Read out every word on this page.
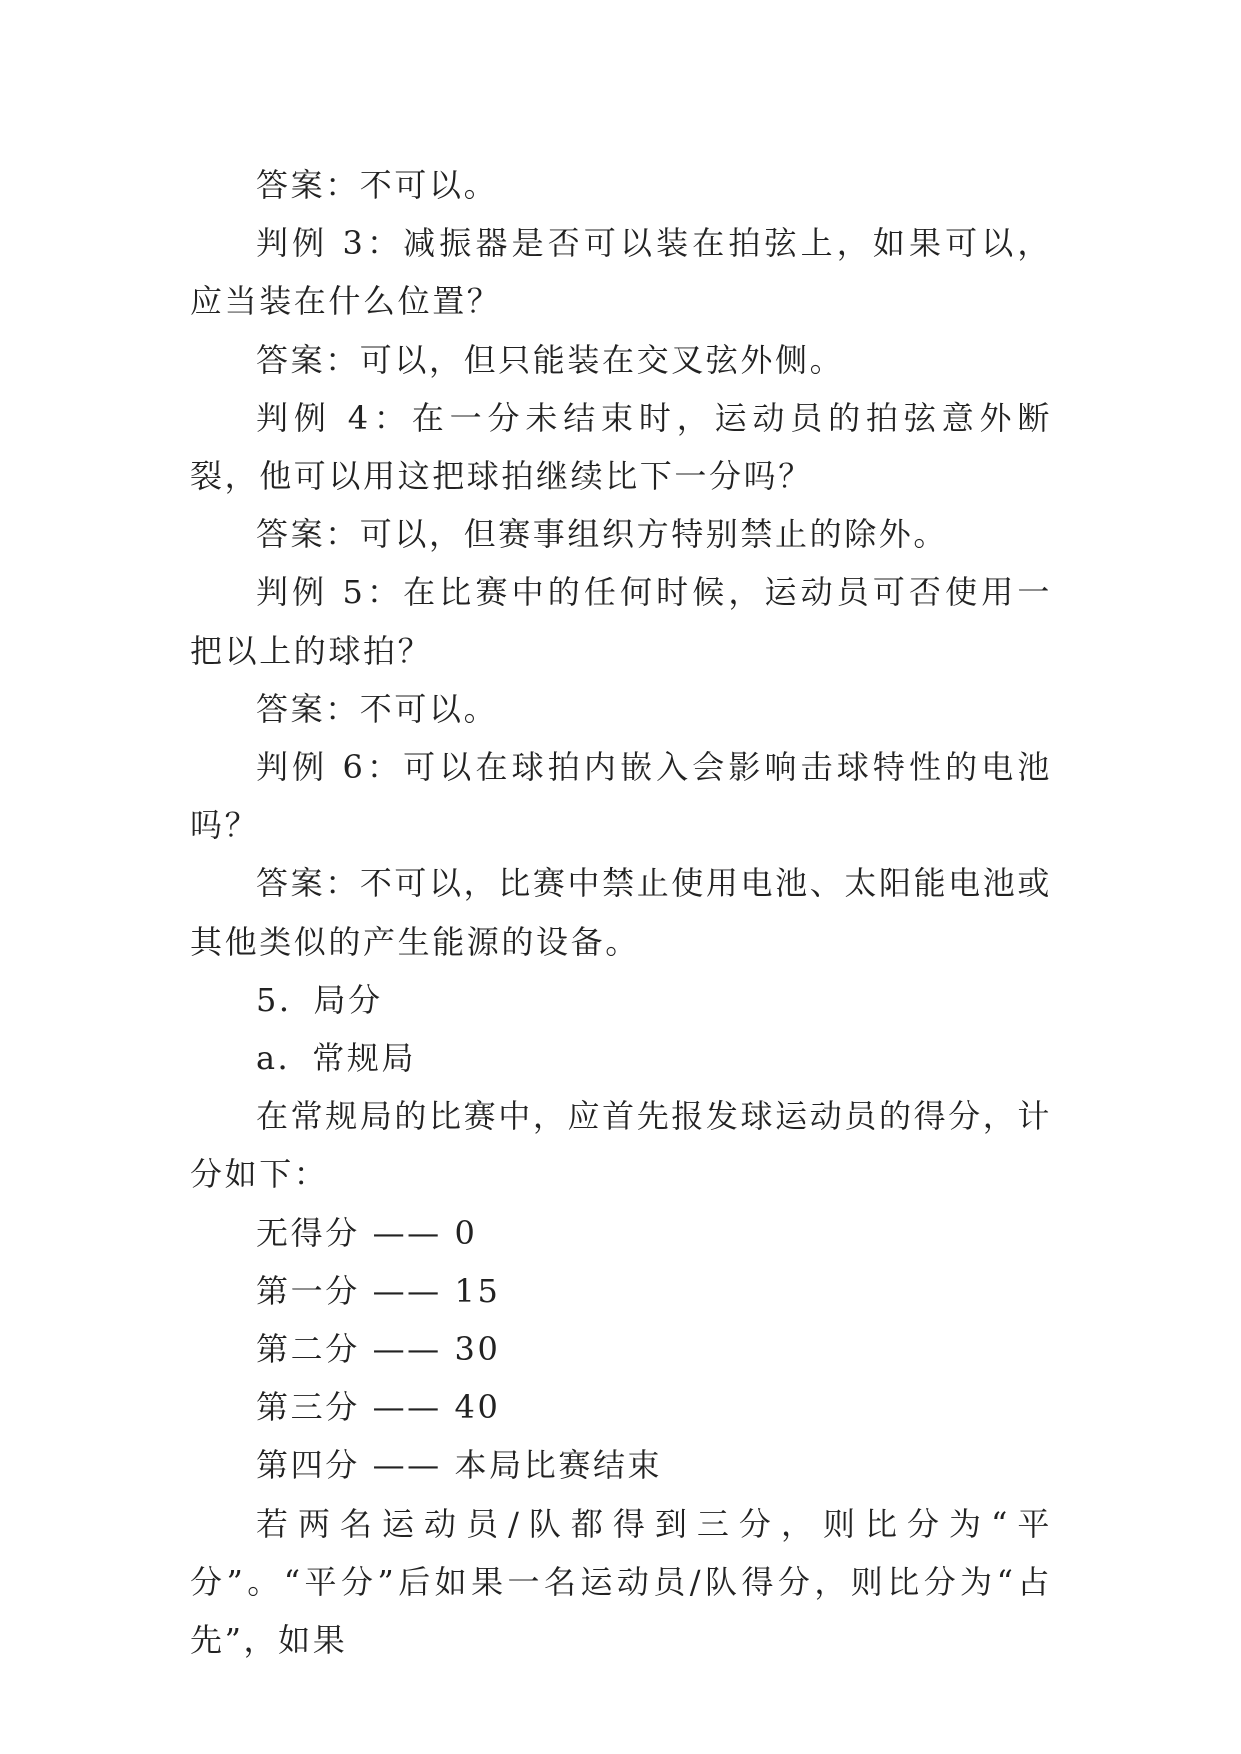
答案：不可以。

判例 3：减振器是否可以装在拍弦上，如果可以，应当装在什么位置？

答案：可以，但只能装在交叉弦外侧。

判例 4：在一分未结束时，运动员的拍弦意外断裂，他可以用这把球拍继续比下一分吗？

答案：可以，但赛事组织方特别禁止的除外。

判例 5：在比赛中的任何时候，运动员可否使用一把以上的球拍？

答案：不可以。

判例 6：可以在球拍内嵌入会影响击球特性的电池吗？

答案：不可以，比赛中禁止使用电池、太阳能电池或其他类似的产生能源的设备。

5．局分

a．常规局

在常规局的比赛中，应首先报发球运动员的得分，计分如下：

无得分 —— 0

第一分 —— 15

第二分 —— 30

第三分 —— 40

第四分 —— 本局比赛结束

若两名运动员/队都得到三分，则比分为“平分”。“平分”后如果一名运动员/队得分，则比分为“占先”，如果
